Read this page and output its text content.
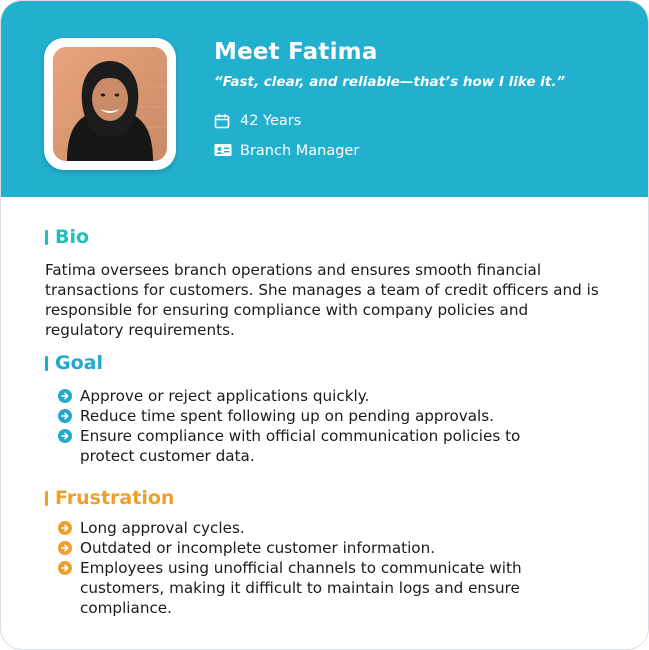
Meet Fatima
“Fast, clear, and reliable—that’s how I like it.”
42 Years
Branch Manager
Bio
Fatima oversees branch operations and ensures smooth financial transactions for customers. She manages a team of credit officers and is responsible for ensuring compliance with company policies and regulatory requirements.
Goal
Approve or reject applications quickly.
Reduce time spent following up on pending approvals.
Ensure compliance with official communication policies to protect customer data.
Frustration
Long approval cycles.
Outdated or incomplete customer information.
Employees using unofficial channels to communicate with customers, making it difficult to maintain logs and ensure compliance.
